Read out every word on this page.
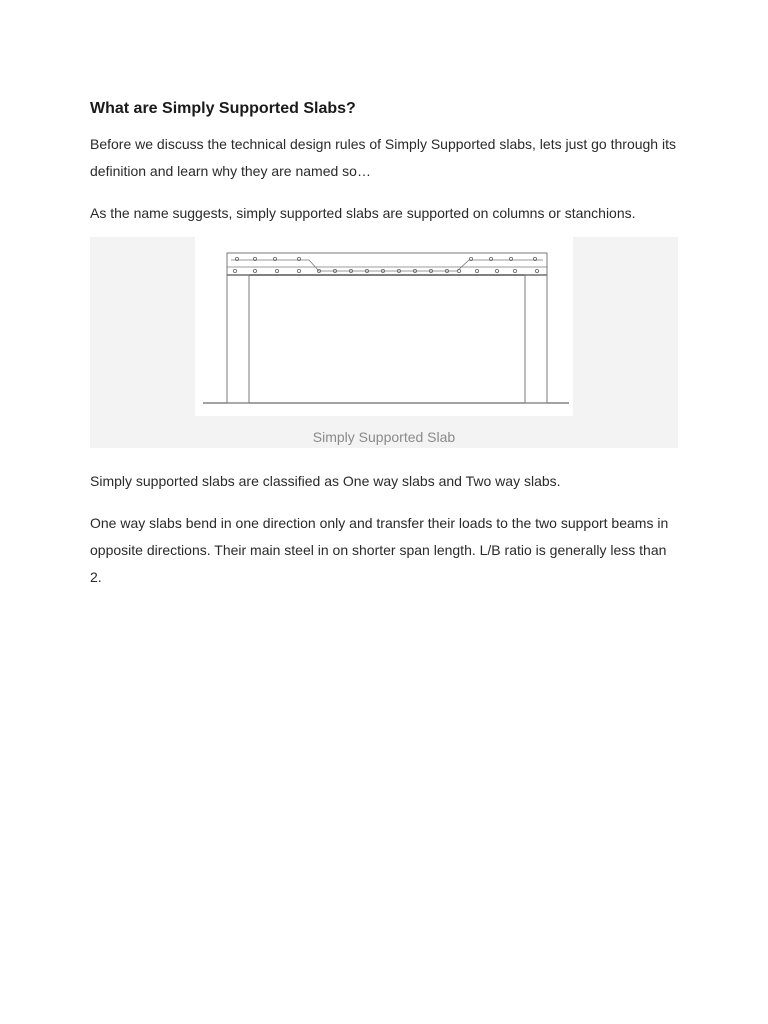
What are Simply Supported Slabs?

Before we discuss the technical design rules of Simply Supported slabs, lets just go through its definition and learn why they are named so…

As the name suggests, simply supported slabs are supported on columns or stanchions.

Simply Supported Slab

Simply supported slabs are classified as One way slabs and Two way slabs.

One way slabs bend in one direction only and transfer their loads to the two support beams in opposite directions. Their main steel in on shorter span length. L/B ratio is generally less than 2.
